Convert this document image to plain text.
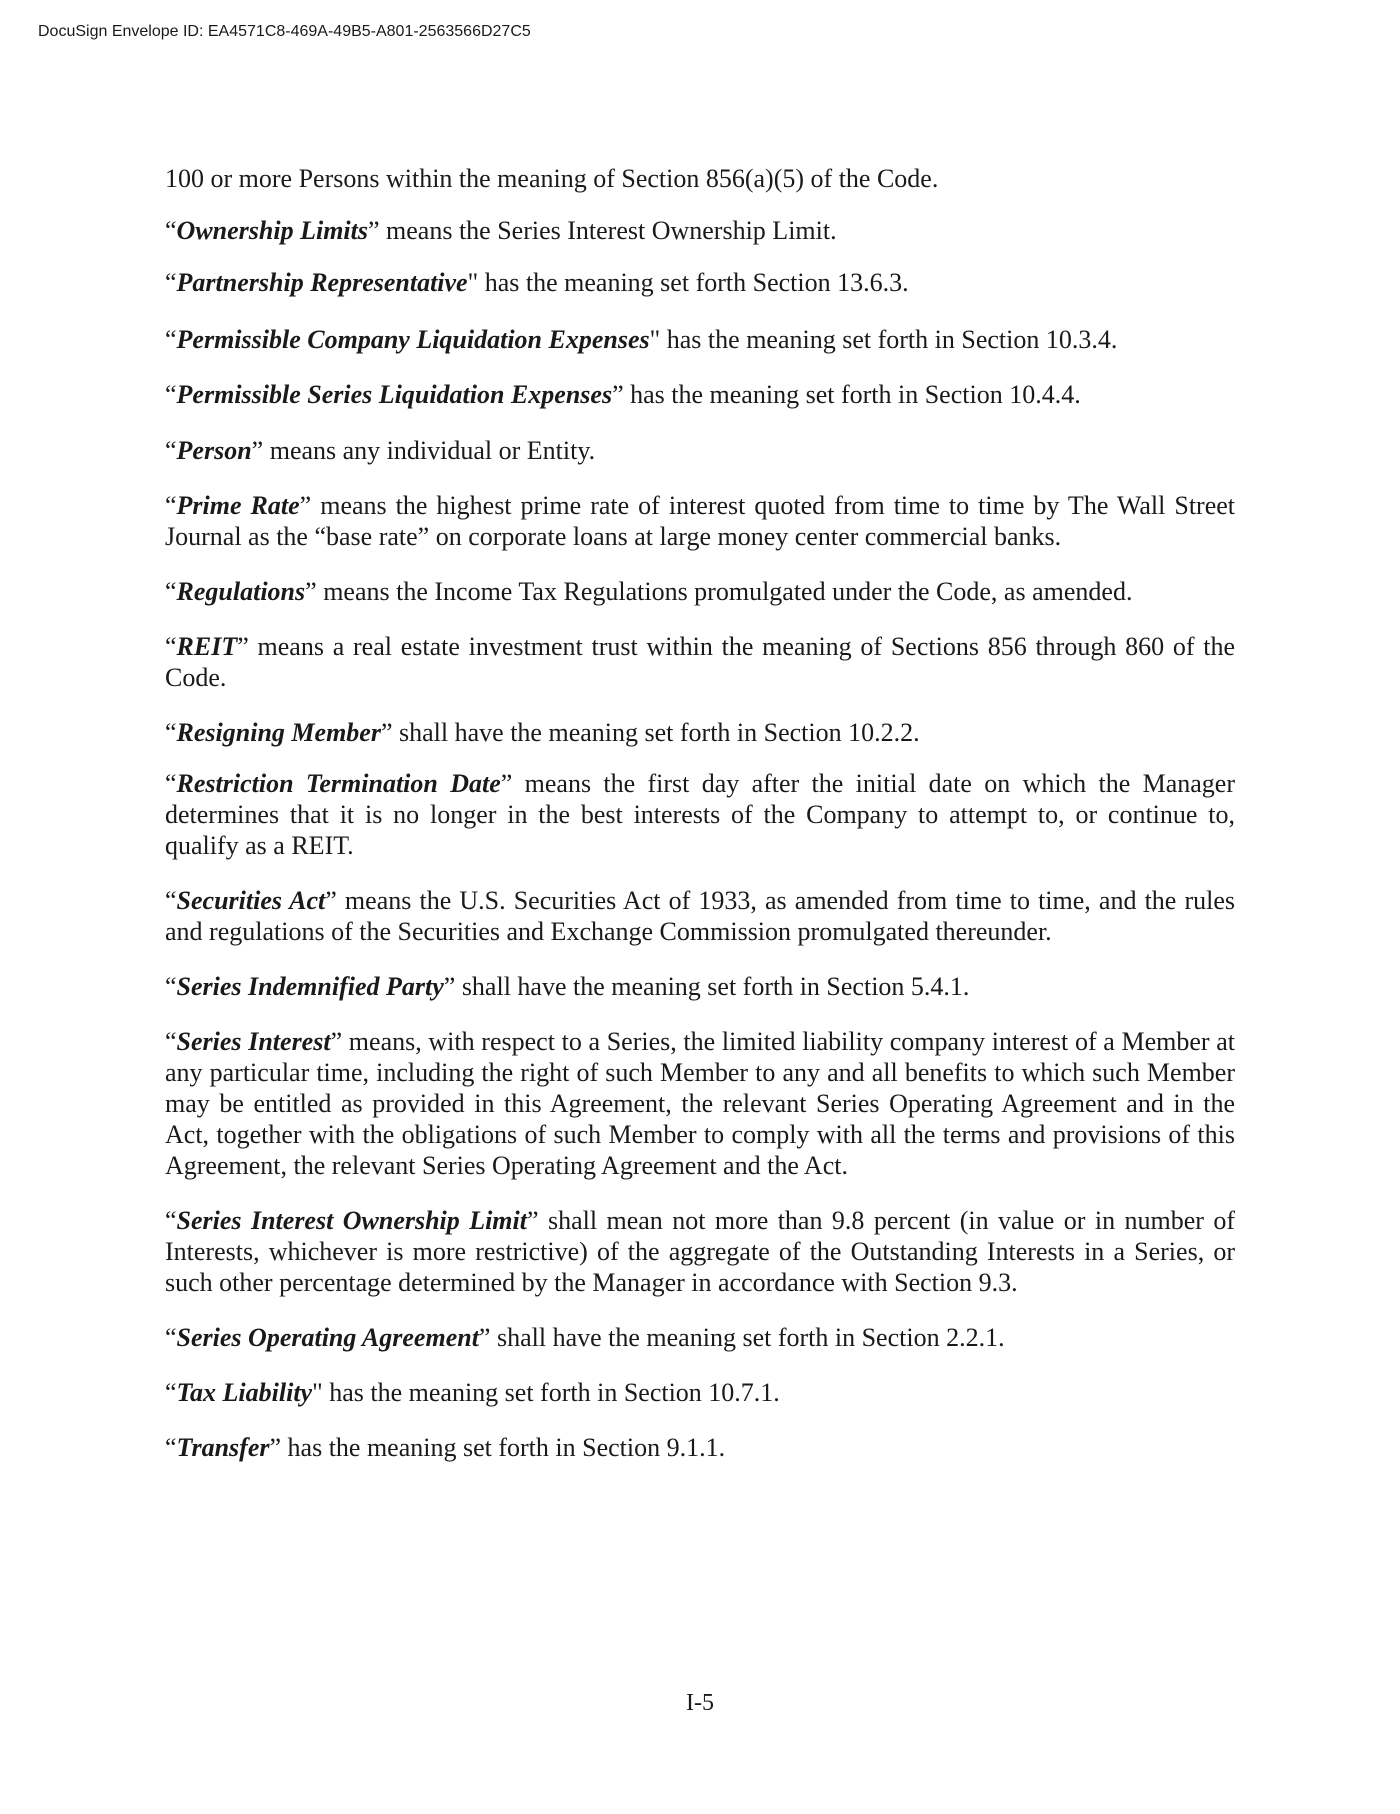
DocuSign Envelope ID: EA4571C8-469A-49B5-A801-2563566D27C5

100 or more Persons within the meaning of Section 856(a)(5) of the Code.

“Ownership Limits” means the Series Interest Ownership Limit.

“Partnership Representative" has the meaning set forth Section 13.6.3.

“Permissible Company Liquidation Expenses" has the meaning set forth in Section 10.3.4.

“Permissible Series Liquidation Expenses” has the meaning set forth in Section 10.4.4.

“Person” means any individual or Entity.

“Prime Rate” means the highest prime rate of interest quoted from time to time by The Wall Street Journal as the “base rate” on corporate loans at large money center commercial banks.

“Regulations” means the Income Tax Regulations promulgated under the Code, as amended.

“REIT” means a real estate investment trust within the meaning of Sections 856 through 860 of the Code.

“Resigning Member” shall have the meaning set forth in Section 10.2.2.

“Restriction Termination Date” means the first day after the initial date on which the Manager determines that it is no longer in the best interests of the Company to attempt to, or continue to, qualify as a REIT.

“Securities Act” means the U.S. Securities Act of 1933, as amended from time to time, and the rules and regulations of the Securities and Exchange Commission promulgated thereunder.

“Series Indemnified Party” shall have the meaning set forth in Section 5.4.1.

“Series Interest” means, with respect to a Series, the limited liability company interest of a Member at any particular time, including the right of such Member to any and all benefits to which such Member may be entitled as provided in this Agreement, the relevant Series Operating Agreement and in the Act, together with the obligations of such Member to comply with all the terms and provisions of this Agreement, the relevant Series Operating Agreement and the Act.

“Series Interest Ownership Limit” shall mean not more than 9.8 percent (in value or in number of Interests, whichever is more restrictive) of the aggregate of the Outstanding Interests in a Series, or such other percentage determined by the Manager in accordance with Section 9.3.

“Series Operating Agreement” shall have the meaning set forth in Section 2.2.1.

“Tax Liability" has the meaning set forth in Section 10.7.1.

“Transfer” has the meaning set forth in Section 9.1.1.

I-5
